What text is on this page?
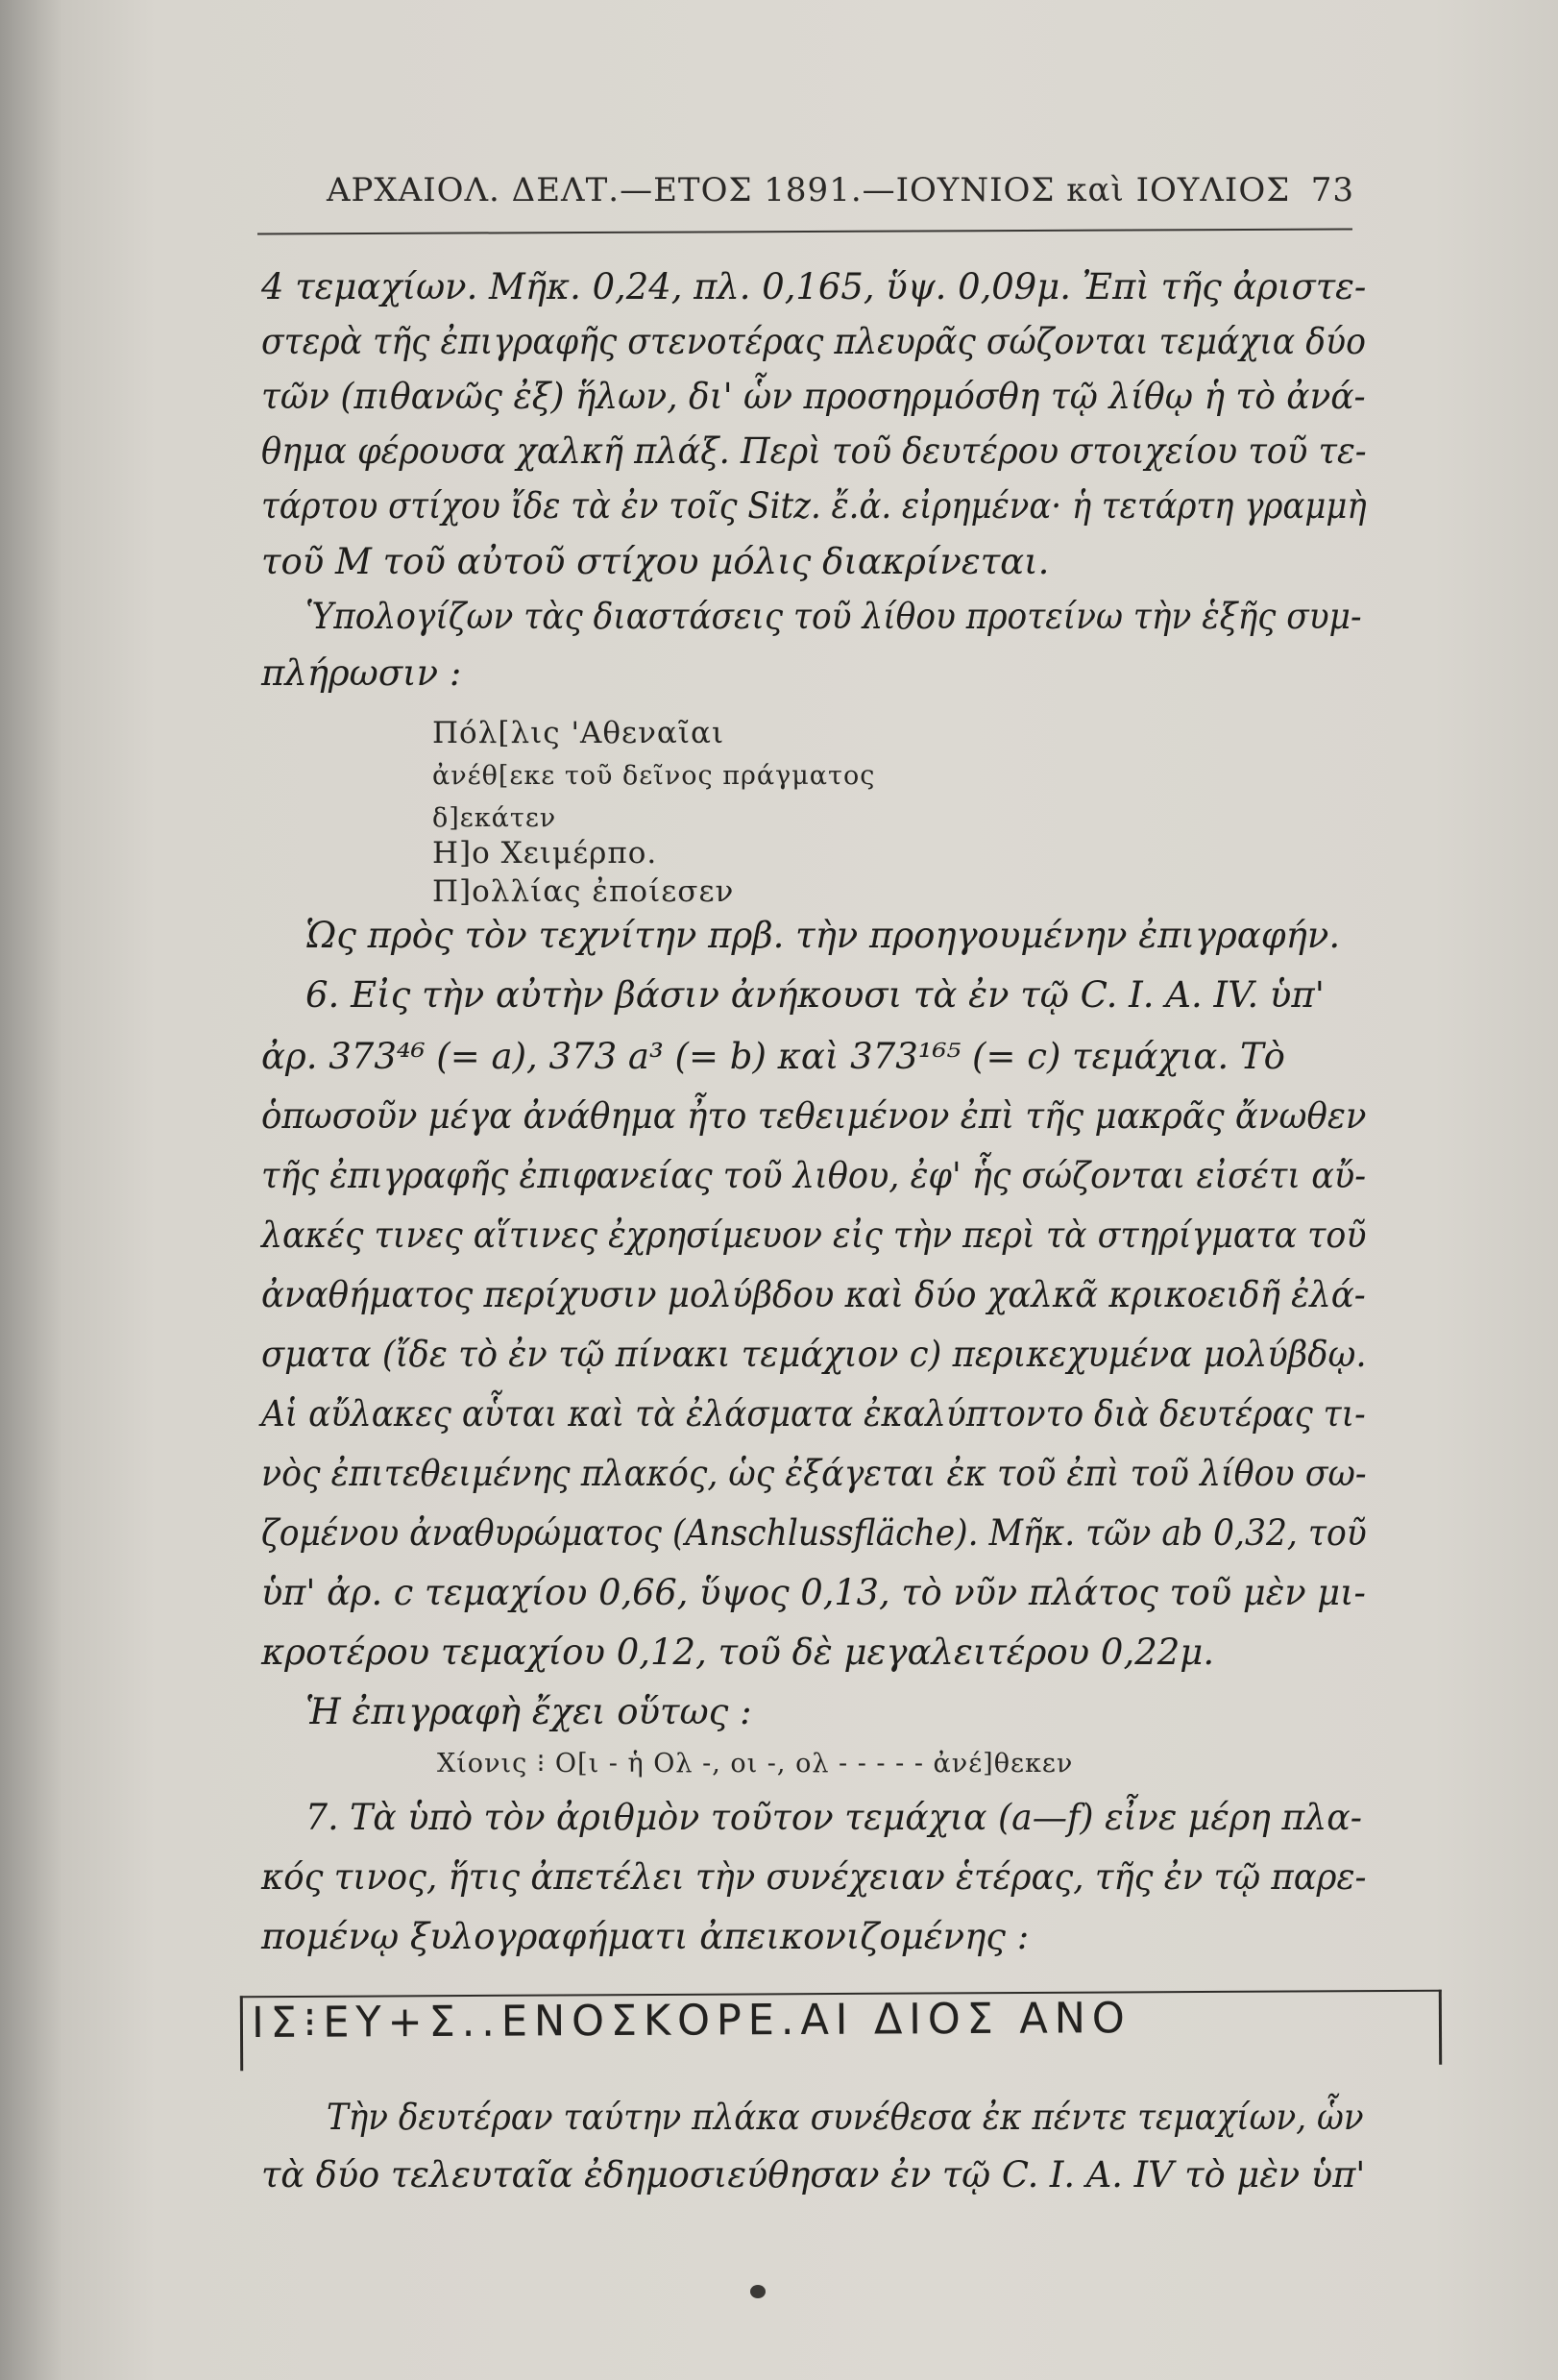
ΑΡΧΑΙΟΛ. ΔΕΛΤ.—ΕΤΟΣ 1891.—ΙΟΥΝΙΟΣ καὶ ΙΟΥΛΙΟΣ 73
4 τεμαχίων. Μῆκ. 0,24, πλ. 0,165, ὕψ. 0,09μ. Ἐπὶ τῆς ἀριστε-
στερὰ τῆς ἐπιγραφῆς στενοτέρας πλευρᾶς σώζονται τεμάχια δύο
τῶν (πιθανῶς ἐξ) ἥλων, δι' ὧν προσηρμόσθη τῷ λίθῳ ἡ τὸ ἀνά-
θημα φέρουσα χαλκῆ πλάξ. Περὶ τοῦ δευτέρου στοιχείου τοῦ τε-
τάρτου στίχου ἴδε τὰ ἐν τοῖς Sitz. ἔ.ἀ. εἰρημένα· ἡ τετάρτη γραμμὴ
τοῦ Μ τοῦ αὐτοῦ στίχου μόλις διακρίνεται.
Ὑπολογίζων τὰς διαστάσεις τοῦ λίθου προτείνω τὴν ἑξῆς συμ-
πλήρωσιν :
Πόλ[λις 'Αθεναῖαι
ἀνέθ[εκε τοῦ δεῖνος πράγματος
δ]εκάτεν
Η]ο Χειμέρπο.
Π]ολλίας ἐποίεσεν
Ὡς πρὸς τὸν τεχνίτην πρβ. τὴν προηγουμένην ἐπιγραφήν.
6. Εἰς τὴν αὐτὴν βάσιν ἀνήκουσι τὰ ἐν τῷ C. I. A. IV. ὑπ'
ἀρ. 373⁴⁶ (= a), 373 a³ (= b) καὶ 373¹⁶⁵ (= c) τεμάχια. Τὸ
ὁπωσοῦν μέγα ἀνάθημα ἦτο τεθειμένον ἐπὶ τῆς μακρᾶς ἄνωθεν
τῆς ἐπιγραφῆς ἐπιφανείας τοῦ λιθου, ἐφ' ἧς σώζονται εἰσέτι αὔ-
λακές τινες αἵτινες ἐχρησίμευον εἰς τὴν περὶ τὰ στηρίγματα τοῦ
ἀναθήματος περίχυσιν μολύβδου καὶ δύο χαλκᾶ κρικοειδῆ ἐλά-
σματα (ἴδε τὸ ἐν τῷ πίνακι τεμάχιον c) περικεχυμένα μολύβδῳ.
Αἱ αὔλακες αὗται καὶ τὰ ἐλάσματα ἐκαλύπτοντο διὰ δευτέρας τι-
νὸς ἐπιτεθειμένης πλακός, ὡς ἐξάγεται ἐκ τοῦ ἐπὶ τοῦ λίθου σω-
ζομένου ἀναθυρώματος (Anschlussfläche). Μῆκ. τῶν ab 0,32, τοῦ
ὑπ' ἀρ. c τεμαχίου 0,66, ὕψος 0,13, τὸ νῦν πλάτος τοῦ μὲν μι-
κροτέρου τεμαχίου 0,12, τοῦ δὲ μεγαλειτέρου 0,22μ.
Ἡ ἐπιγραφὴ ἔχει οὕτως :
Χίονις ⁝ Ο[ι - ἡ Ολ -, οι -, ολ - - - - - ἀνέ]θεκεν
7. Τὰ ὑπὸ τὸν ἀριθμὸν τοῦτον τεμάχια (a—f) εἶνε μέρη πλα-
κός τινος, ἥτις ἀπετέλει τὴν συνέχειαν ἑτέρας, τῆς ἐν τῷ παρε-
ΙΣ⁝ΕΥ+Σ..ΕΝΟΣΚΟΡΕ.ΑΙ ΔΙΟΣ ΑΝΟ
πομένῳ ξυλογραφήματι ἀπεικονιζομένης :
Τὴν δευτέραν ταύτην πλάκα συνέθεσα ἐκ πέντε τεμαχίων, ὧν
τὰ δύο τελευταῖα ἐδημοσιεύθησαν ἐν τῷ C. I. A. IV τὸ μὲν ὑπ'
